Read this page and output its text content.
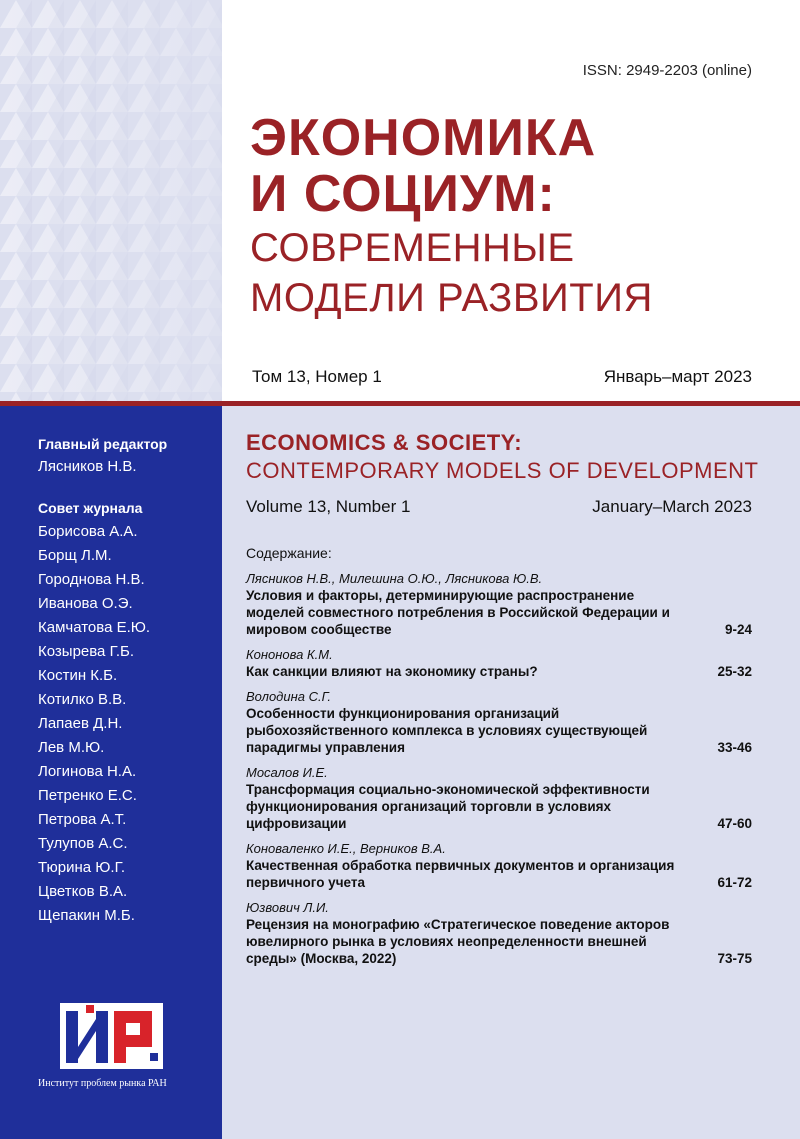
ISSN: 2949-2203 (online)
ЭКОНОМИКА
И СОЦИУМ:
СОВРЕМЕННЫЕ
МОДЕЛИ РАЗВИТИЯ
Том 13, Номер 1	Январь–март 2023
Главный редактор
Лясников Н.В.
Совет журнала
Борисова А.А.
Борщ Л.М.
Городнова Н.В.
Иванова О.Э.
Камчатова Е.Ю.
Козырева Г.Б.
Костин К.Б.
Котилко В.В.
Лапаев Д.Н.
Лев М.Ю.
Логинова Н.А.
Петренко Е.С.
Петрова А.Т.
Тулупов А.С.
Тюрина Ю.Г.
Цветков В.А.
Щепакин М.Б.
ECONOMICS & SOCIETY:
CONTEMPORARY MODELS OF DEVELOPMENT
Volume 13, Number 1	January–March 2023
Содержание:
Лясников Н.В., Милешина О.Ю., Лясникова Ю.В.
Условия и факторы, детерминирующие распространение моделей совместного потребления в Российской Федерации и мировом сообществе	9-24
Кононова К.М.
Как санкции влияют на экономику страны?	25-32
Володина С.Г.
Особенности функционирования организаций рыбохозяйственного комплекса в условиях существующей парадигмы управления	33-46
Мосалов И.Е.
Трансформация социально-экономической эффективности функционирования организаций торговли в условиях цифровизации	47-60
Коноваленко И.Е., Верников В.А.
Качественная обработка первичных документов и организация первичного учета	61-72
Юзвович Л.И.
Рецензия на монографию «Стратегическое поведение акторов ювелирного рынка в условиях неопределенности внешней среды» (Москва, 2022)	73-75
Институт проблем рынка РАН
